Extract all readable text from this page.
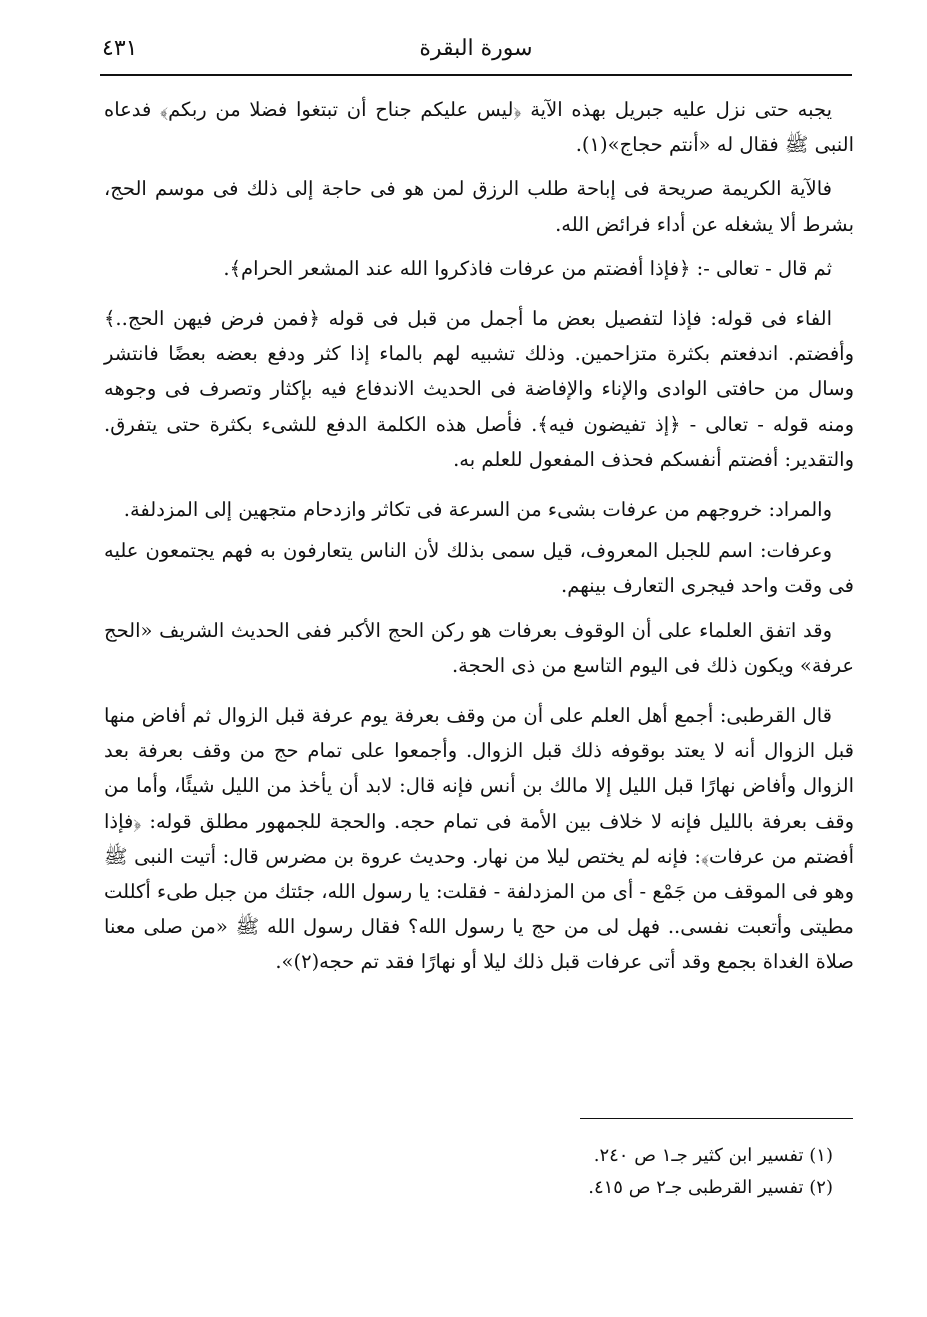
٤٣١	سورة البقرة

يجبه حتى نزل عليه جبريل بهذه الآية ﴿ليس عليكم جناح أن تبتغوا فضلا من ربكم﴾ فدعاه النبى ﷺ فقال له «أنتم حجاج»(١).

فالآية الكريمة صريحة فى إباحة طلب الرزق لمن هو فى حاجة إلى ذلك فى موسم الحج، بشرط ألا يشغله عن أداء فرائض الله.

ثم قال - تعالى -: ﴿فإذا أفضتم من عرفات فاذكروا الله عند المشعر الحرام﴾.

الفاء فى قوله: فإذا لتفصيل بعض ما أجمل من قبل فى قوله ﴿فمن فرض فيهن الحج..﴾ وأفضتم. اندفعتم بكثرة متزاحمين. وذلك تشبيه لهم بالماء إذا كثر ودفع بعضه بعضًا فانتشر وسال من حافتى الوادى والإناء والإفاضة فى الحديث الاندفاع فيه بإكثار وتصرف فى وجوهه ومنه قوله - تعالى - ﴿إذ تفيضون فيه﴾. فأصل هذه الكلمة الدفع للشىء بكثرة حتى يتفرق. والتقدير: أفضتم أنفسكم فحذف المفعول للعلم به.

والمراد: خروجهم من عرفات بشىء من السرعة فى تكاثر وازدحام متجهين إلى المزدلفة.

وعرفات: اسم للجبل المعروف، قيل سمى بذلك لأن الناس يتعارفون به فهم يجتمعون عليه فى وقت واحد فيجرى التعارف بينهم.

وقد اتفق العلماء على أن الوقوف بعرفات هو ركن الحج الأكبر ففى الحديث الشريف «الحج عرفة» ويكون ذلك فى اليوم التاسع من ذى الحجة.

قال القرطبى: أجمع أهل العلم على أن من وقف بعرفة يوم عرفة قبل الزوال ثم أفاض منها قبل الزوال أنه لا يعتد بوقوفه ذلك قبل الزوال. وأجمعوا على تمام حج من وقف بعرفة بعد الزوال وأفاض نهارًا قبل الليل إلا مالك بن أنس فإنه قال: لابد أن يأخذ من الليل شيئًا، وأما من وقف بعرفة بالليل فإنه لا خلاف بين الأمة فى تمام حجه. والحجة للجمهور مطلق قوله: ﴿فإذا أفضتم من عرفات﴾: فإنه لم يختص ليلا من نهار. وحديث عروة بن مضرس قال: أتيت النبى ﷺ وهو فى الموقف من جَمْع - أى من المزدلفة - فقلت: يا رسول الله، جئتك من جبل طىء أكللت مطيتى وأتعبت نفسى.. فهل لى من حج يا رسول الله؟ فقال رسول الله ﷺ «من صلى معنا صلاة الغداة بجمع وقد أتى عرفات قبل ذلك ليلا أو نهارًا فقد تم حجه(٢)».

(١) تفسير ابن كثير جـ١ ص ٢٤٠.

(٢) تفسير القرطبى جـ٢ ص ٤١٥.
